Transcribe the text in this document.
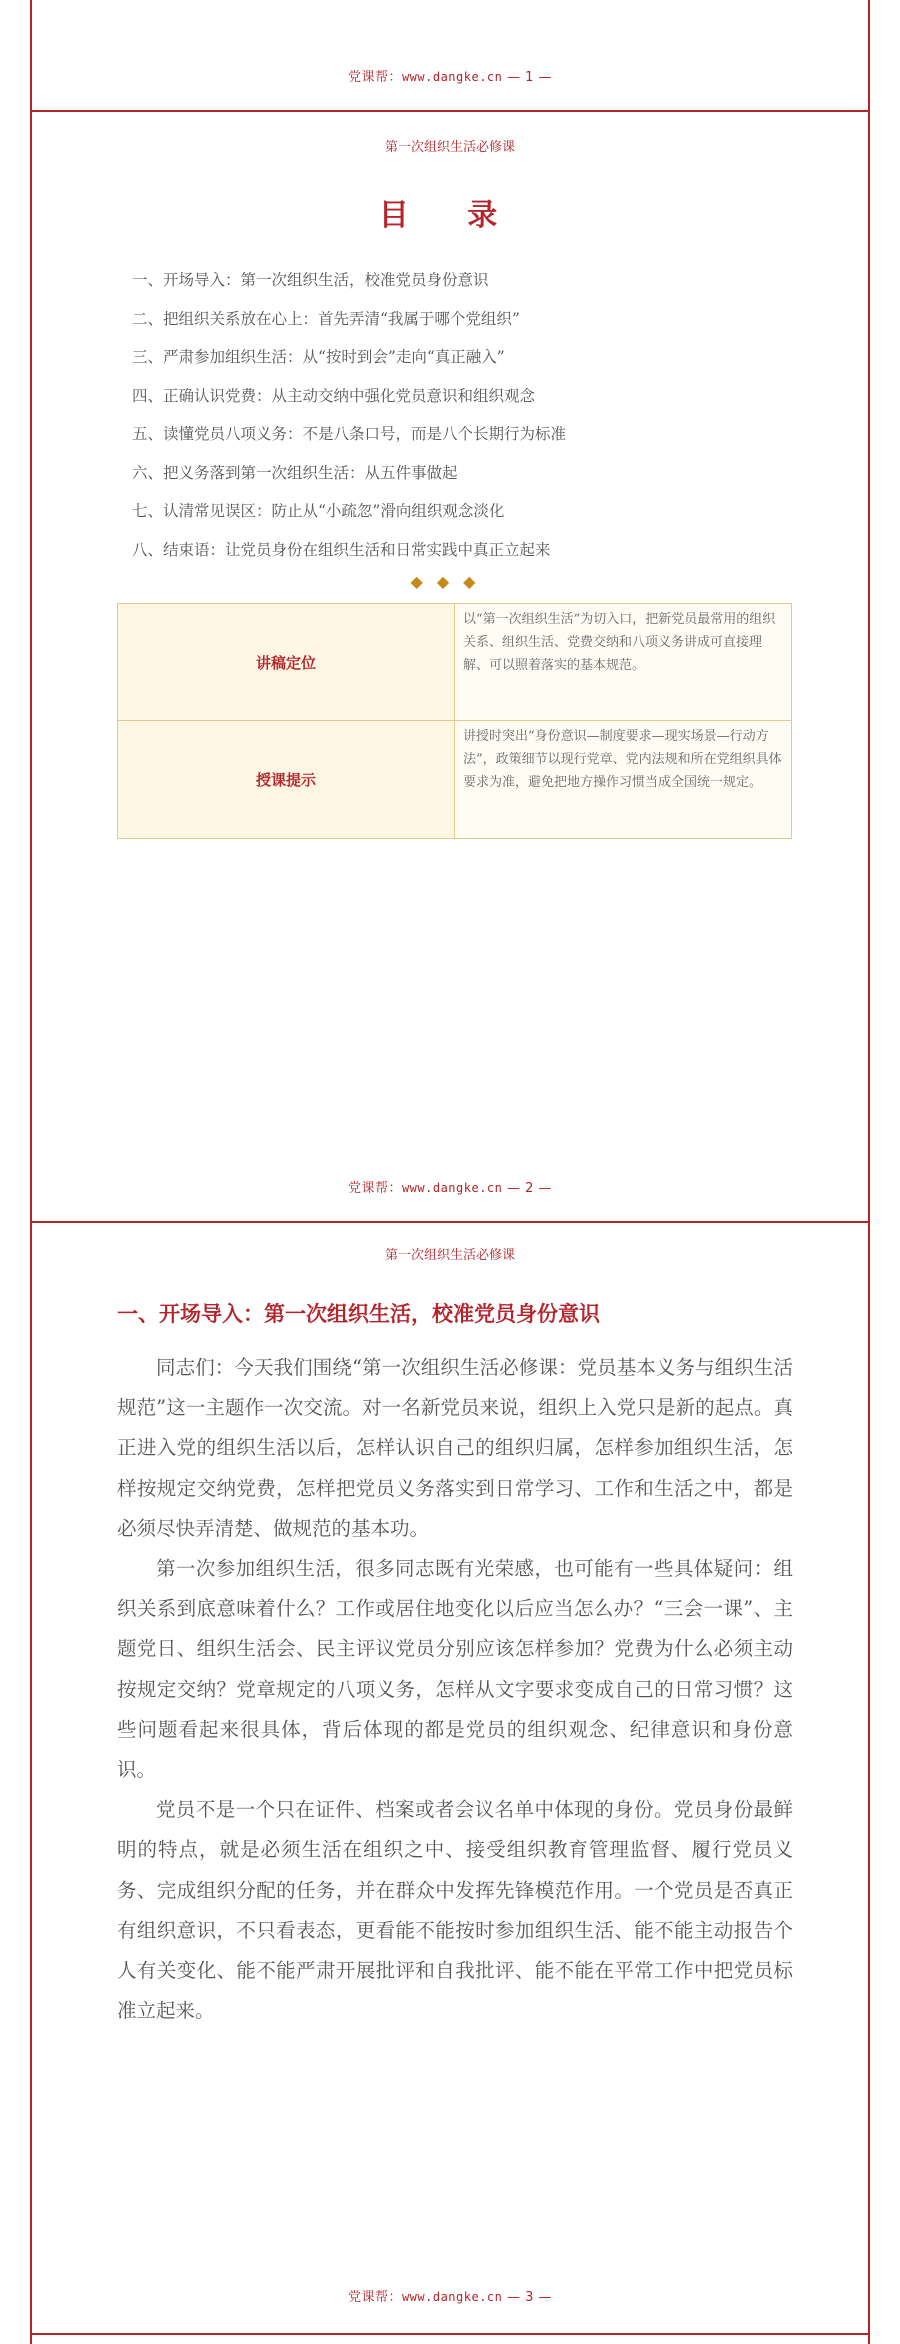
党课帮：www.dangke.cn — 1 —
第一次组织生活必修课
目 录
一、开场导入：第一次组织生活，校准党员身份意识
二、把组织关系放在心上：首先弄清“我属于哪个党组织”
三、严肃参加组织生活：从“按时到会”走向“真正融入”
四、正确认识党费：从主动交纳中强化党员意识和组织观念
五、读懂党员八项义务：不是八条口号，而是八个长期行为标准
六、把义务落到第一次组织生活：从五件事做起
七、认清常见误区：防止从“小疏忽”滑向组织观念淡化
八、结束语：让党员身份在组织生活和日常实践中真正立起来
◆◆◆
讲稿定位
以“第一次组织生活”为切入口，把新党员最常用的组织关系、组织生活、党费交纳和八项义务讲成可直接理解、可以照着落实的基本规范。
授课提示
讲授时突出“身份意识—制度要求—现实场景—行动方法”，政策细节以现行党章、党内法规和所在党组织具体要求为准，避免把地方操作习惯当成全国统一规定。
党课帮：www.dangke.cn — 2 —
第一次组织生活必修课
一、开场导入：第一次组织生活，校准党员身份意识

同志们：今天我们围绕“第一次组织生活必修课：党员基本义务与组织生活规范”这一主题作一次交流。对一名新党员来说，组织上入党只是新的起点。真正进入党的组织生活以后，怎样认识自己的组织归属，怎样参加组织生活，怎样按规定交纳党费，怎样把党员义务落实到日常学习、工作和生活之中，都是必须尽快弄清楚、做规范的基本功。

第一次参加组织生活，很多同志既有光荣感，也可能有一些具体疑问：组织关系到底意味着什么？工作或居住地变化以后应当怎么办？“三会一课”、主题党日、组织生活会、民主评议党员分别应该怎样参加？党费为什么必须主动按规定交纳？党章规定的八项义务，怎样从文字要求变成自己的日常习惯？这些问题看起来很具体，背后体现的都是党员的组织观念、纪律意识和身份意识。

党员不是一个只在证件、档案或者会议名单中体现的身份。党员身份最鲜明的特点，就是必须生活在组织之中、接受组织教育管理监督、履行党员义务、完成组织分配的任务，并在群众中发挥先锋模范作用。一个党员是否真正有组织意识，不只看表态，更看能不能按时参加组织生活、能不能主动报告个人有关变化、能不能严肃开展批评和自我批评、能不能在平常工作中把党员标准立起来。

党课帮：www.dangke.cn — 3 —
